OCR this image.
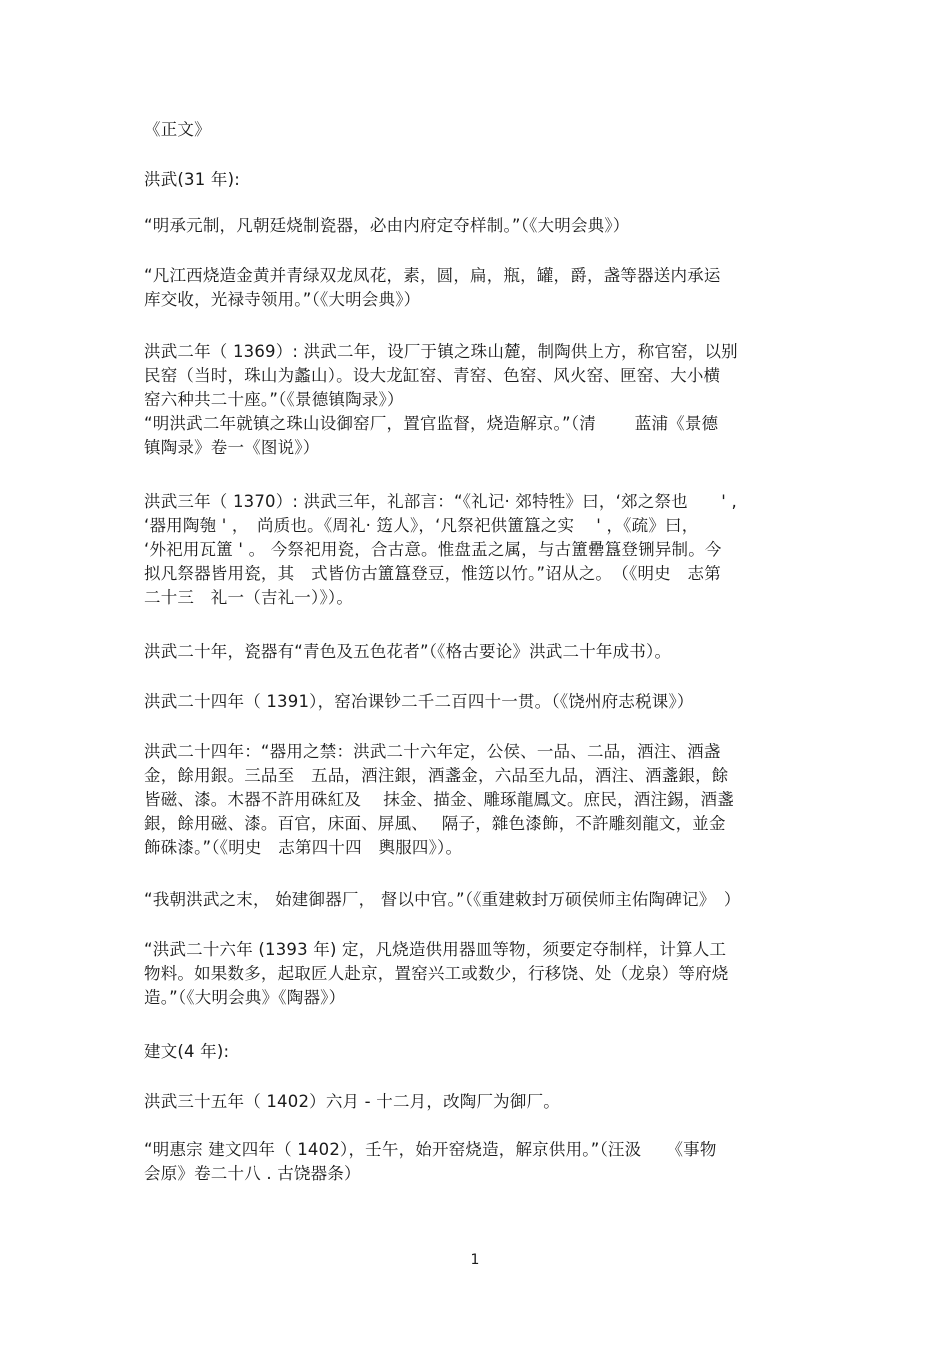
《正文》
洪武(31 年):
“明承元制，凡朝廷烧制瓷器，必由内府定夺样制。”（《大明会典》）
“凡江西烧造金黄并青绿双龙凤花，素，圆，扁，瓶，罐，爵，盏等器送内承运
库交收，光禄寺领用。”（《大明会典》）
洪武二年（ 1369）: 洪武二年，设厂于镇之珠山麓，制陶供上方，称官窑，以别
民窑（当时，珠山为蠡山）。设大龙缸窑、青窑、色窑、风火窑、匣窑、大小横
窑六种共二十座。”（《景德镇陶录》）
“明洪武二年就镇之珠山设御窑厂，置官监督，烧造解京。”（清　　 蓝浦《景德
镇陶录》卷一《图说》）
洪武三年（ 1370）: 洪武三年，礼部言：“《礼记· 郊特牲》曰，‘郊之祭也　　' ,
‘器用陶匏 ' ，　尚质也。《周礼· 笾人》，‘凡祭祀供簠簋之实　 ' ，《疏》曰，
‘外祀用瓦簠 ' 。 今祭祀用瓷，合古意。惟盘盂之属，与古簠罍簋登铏异制。今
拟凡祭器皆用瓷，其　式皆仿古簠簋登豆，惟笾以竹。”诏从之。　（《明史　志第
二十三　礼一（吉礼一）》）。
洪武二十年，瓷器有“青色及五色花者”（《格古要论》洪武二十年成书）。
洪武二十四年（ 1391），窑冶课钞二千二百四十一贯。（《饶州府志税课》）
洪武二十四年：“器用之禁：洪武二十六年定，公侯、一品、二品，酒注、酒盏
金，餘用銀。三品至　五品，酒注銀，酒盞金，六品至九品，酒注、酒盞銀，餘
皆磁、漆。木器不許用硃紅及　 抹金、描金、雕琢龍鳳文。庶民，酒注錫，酒盞
銀，餘用磁、漆。百官，床面、屏風、　 隔子，雜色漆飾，不許雕刻龍文，並金
飾硃漆。”（《明史　志第四十四　輿服四》）。
“我朝洪武之末， 始建御器厂， 督以中官。”（《重建敕封万硕侯师主佑陶碑记》　）
“洪武二十六年 (1393 年) 定，凡烧造供用器皿等物，须要定夺制样，计算人工
物料。如果数多，起取匠人赴京，置窑兴工或数少，行移饶、处（龙泉）等府烧
造。”（《大明会典》《陶器》）
建文(4 年):
洪武三十五年（ 1402）六月 - 十二月，改陶厂为御厂。
“明惠宗 建文四年（ 1402），壬午，始开窑烧造，解京供用。”（汪汲　　《事物
会原》卷二十八 . 古饶器条）
1
